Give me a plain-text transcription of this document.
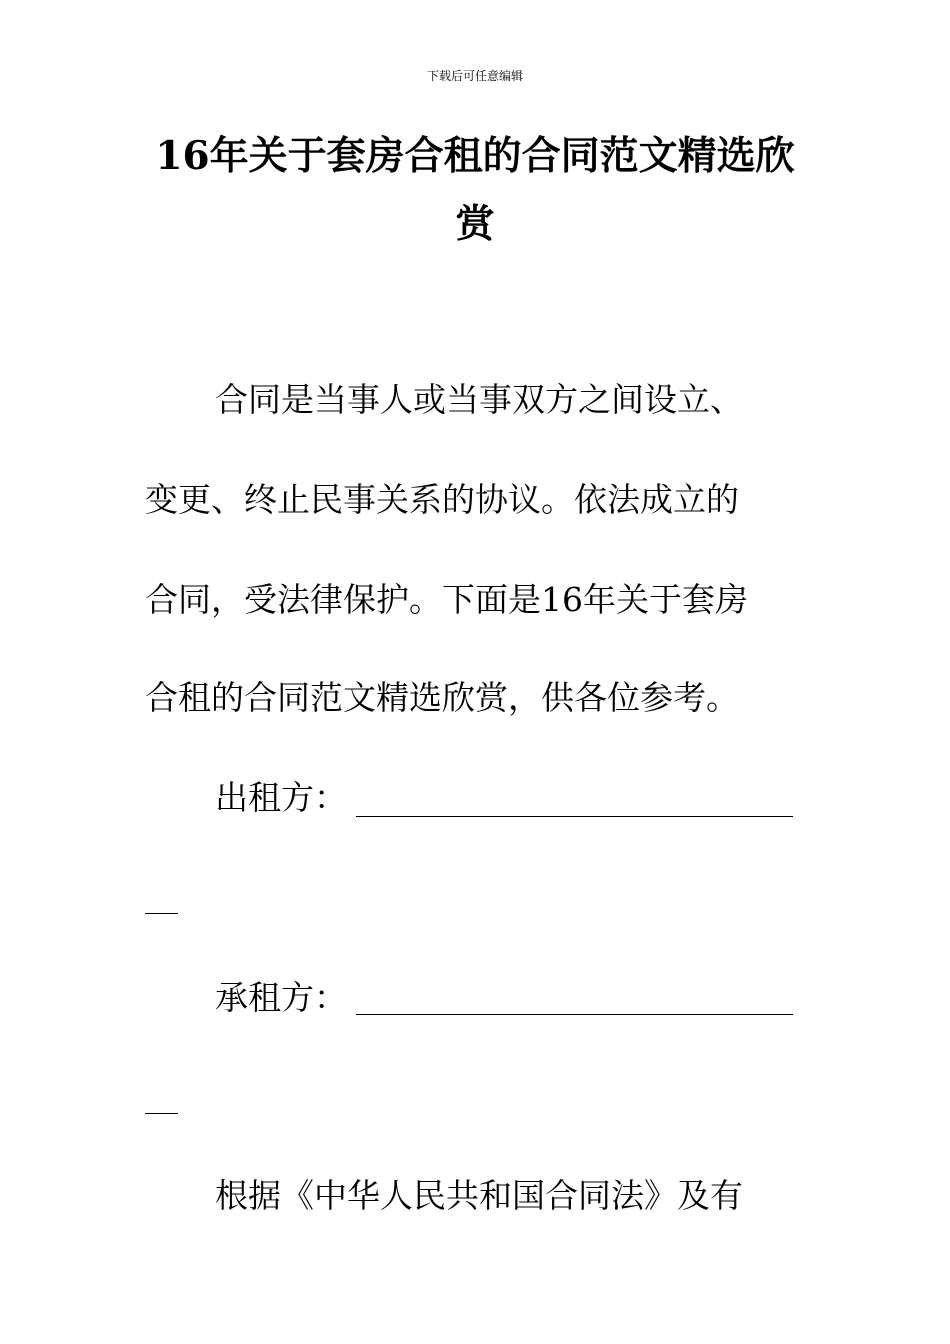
下载后可任意编辑
16年关于套房合租的合同范文精选欣赏
合同是当事人或当事双方之间设立、
变更、终止民事关系的协议。依法成立的
合同，受法律保护。下面是16年关于套房
合租的合同范文精选欣赏，供各位参考。
出租方：
承租方：
根据《中华人民共和国合同法》及有
